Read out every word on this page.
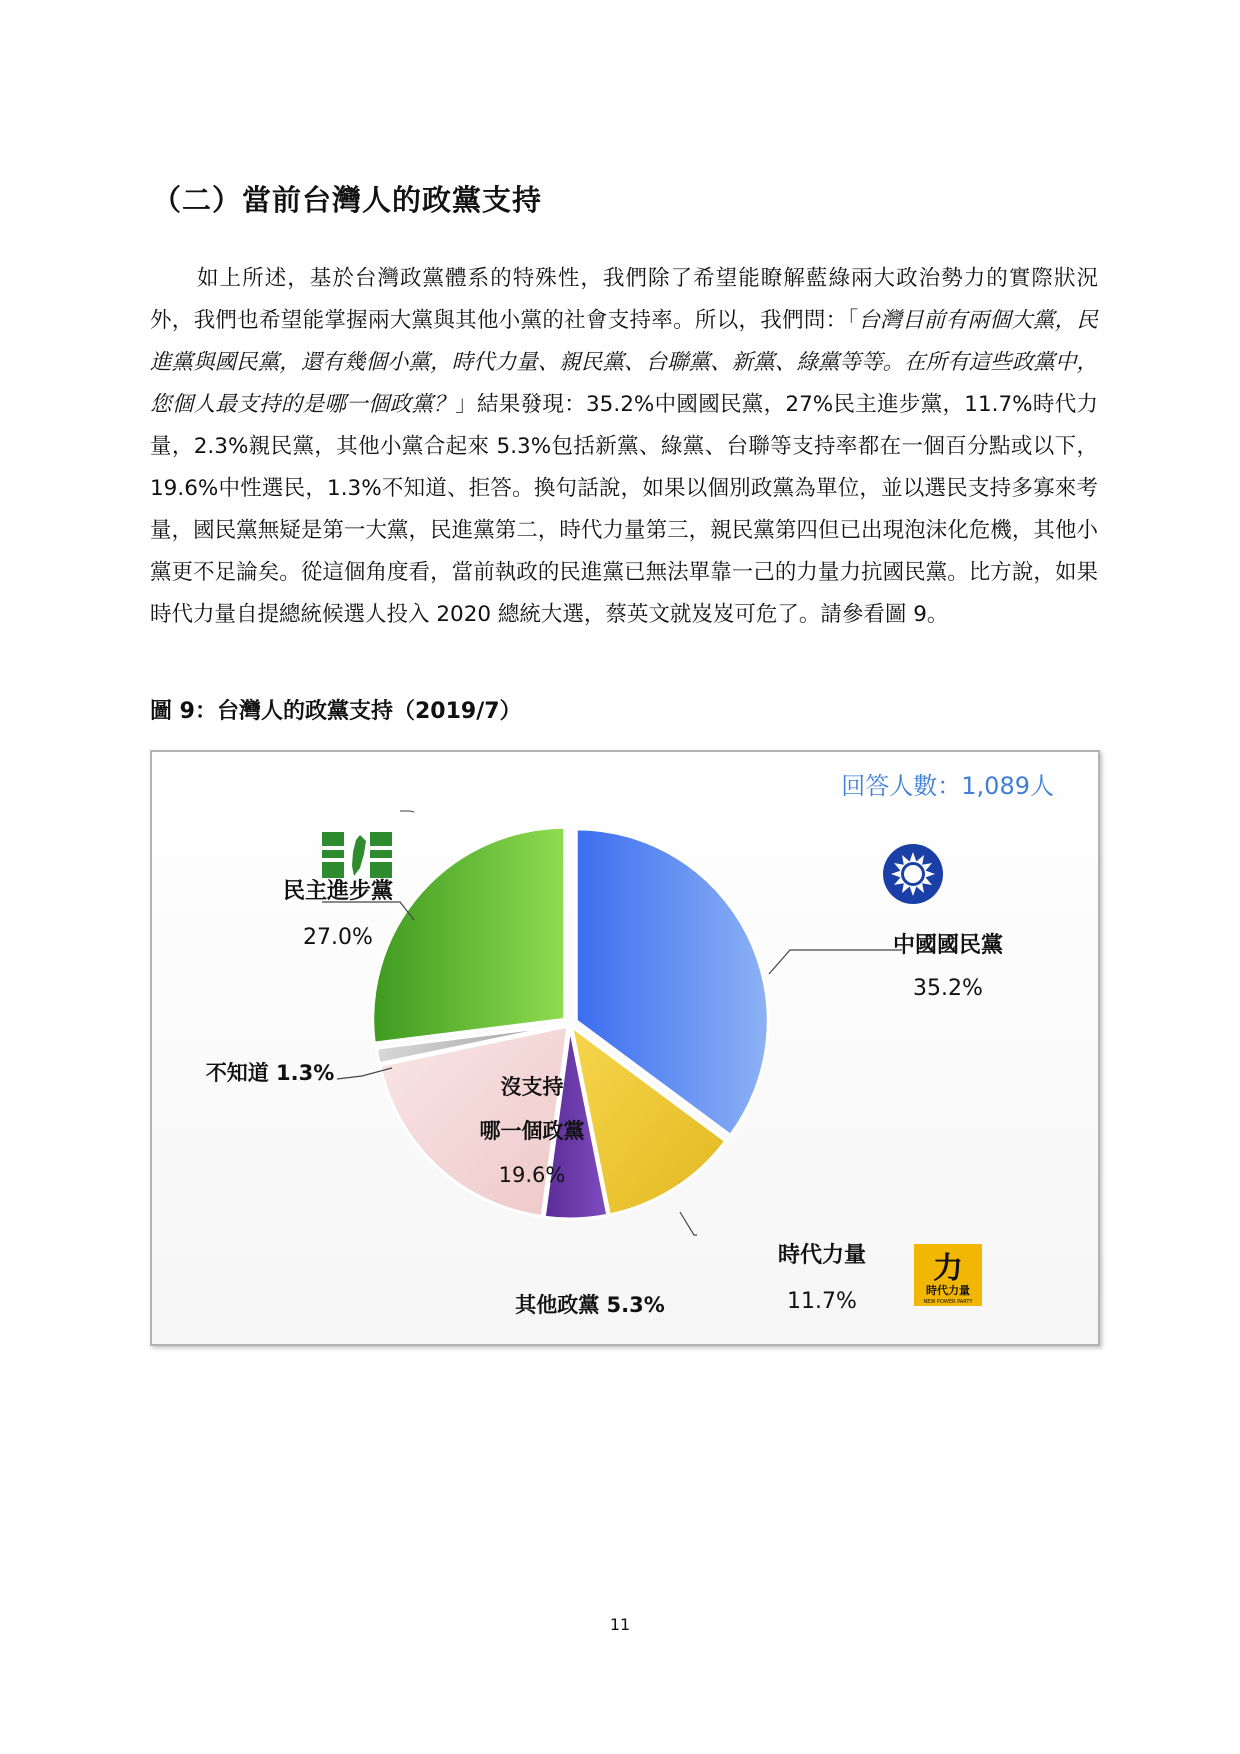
（二）當前台灣人的政黨支持
如上所述，基於台灣政黨體系的特殊性，我們除了希望能瞭解藍綠兩大政治勢力的實際狀況外，我們也希望能掌握兩大黨與其他小黨的社會支持率。所以，我們問：「台灣目前有兩個大黨，民進黨與國民黨，還有幾個小黨，時代力量、親民黨、台聯黨、新黨、綠黨等等。在所有這些政黨中，您個人最支持的是哪一個政黨？」結果發現：35.2%中國國民黨，27%民主進步黨，11.7%時代力量，2.3%親民黨，其他小黨合起來 5.3%包括新黨、綠黨、台聯等支持率都在一個百分點或以下，19.6%中性選民，1.3%不知道、拒答。換句話說，如果以個別政黨為單位，並以選民支持多寡來考量，國民黨無疑是第一大黨，民進黨第二，時代力量第三，親民黨第四但已出現泡沫化危機，其他小黨更不足論矣。從這個角度看，當前執政的民進黨已無法單靠一己的力量力抗國民黨。比方說，如果時代力量自提總統候選人投入 2020 總統大選，蔡英文就岌岌可危了。請參看圖 9。
圖 9：台灣人的政黨支持（2019/7）
回答人數：1,089人
力
時代力量
NEW POWER PARTY
民主進步黨
27.0%	中國國民黨
35.2%
不知道 1.3%
沒支持
哪一個政黨
19.6%
其他政黨 5.3%
時代力量
11.7%
11
